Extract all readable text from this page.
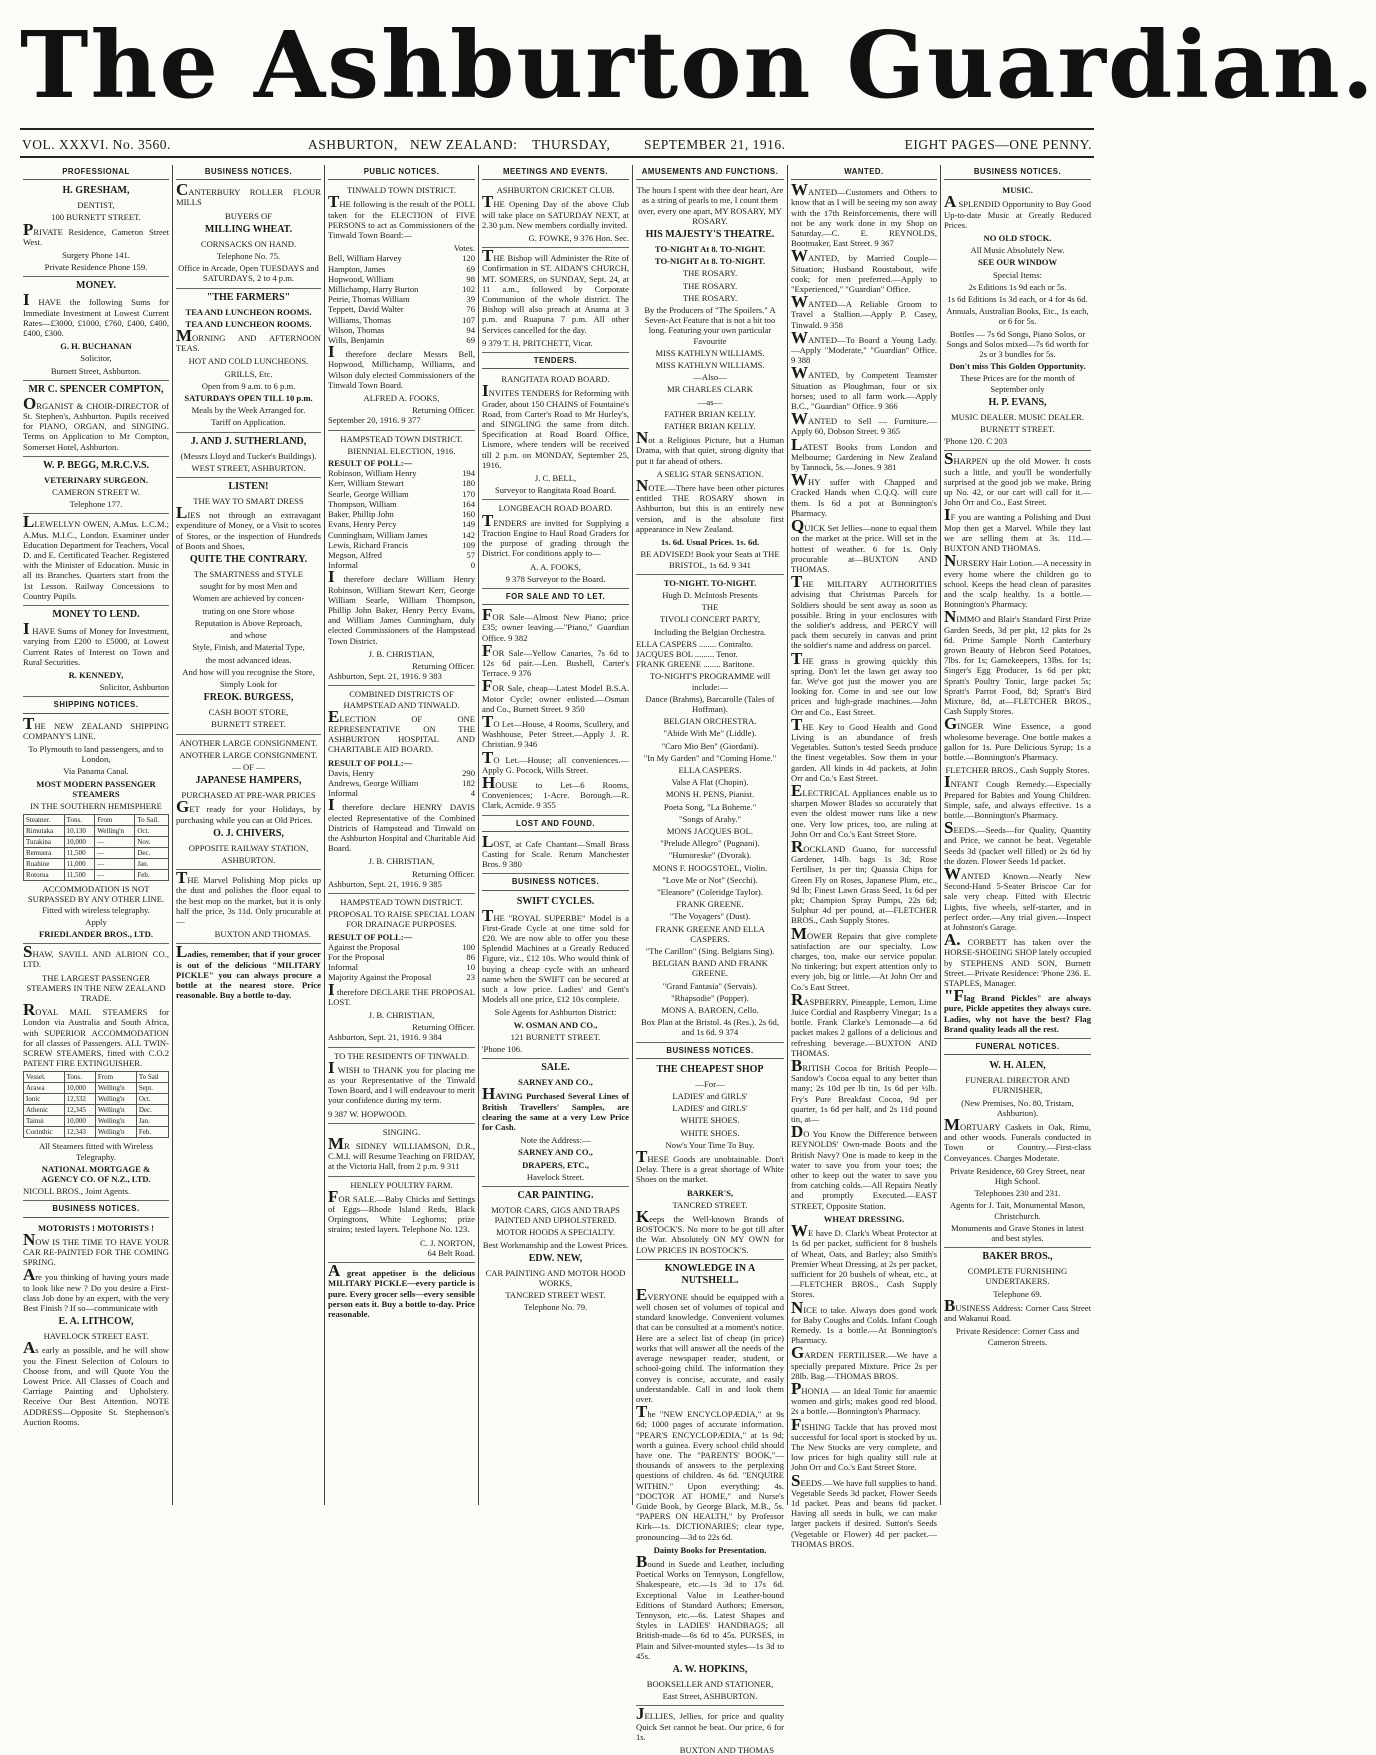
The Ashburton Guardian.
VOL. XXXVI. No. 3560.	ASHBURTON, NEW ZEALAND: THURSDAY, SEPTEMBER 21, 1916.	EIGHT PAGES—ONE PENNY.
PROFESSIONAL
H. GRESHAM,
DENTIST,
100 BURNETT STREET.
PRIVATE Residence, Cameron Street West.
Surgery Phone 141.
Private Residence Phone 159.
MONEY.
I HAVE the following Sums for Immediate Investment at Lowest Current Rates—£3000, £1000, £760, £400, £400, £400, £300.
G. H. BUCHANAN
Solicitor,
Burnett Street, Ashburton.
MR C. SPENCER COMPTON,
ORGANIST & CHOIR-DIRECTOR of St. Stephen's, Ashburton. Pupils received for PIANO, ORGAN, and SINGING. Terms on Application to Mr Compton, Somerset Hotel, Ashburton.
W. P. BEGG, M.R.C.V.S.
VETERINARY SURGEON.
CAMERON STREET W.
Telephone 177.
LLEWELLYN OWEN, A.Mus. L.C.M.; A.Mus. M.I.C., London. Examiner under Education Department for Teachers, Vocal D. and E. Certificated Teacher. Registered with the Minister of Education. Music in all its Branches. Quarters start from the 1st Lesson. Railway Concessions to Country Pupils.
MONEY TO LEND.
I HAVE Sums of Money for Investment, varying from £200 to £5000, at Lowest Current Rates of Interest on Town and Rural Securities.
R. KENNEDY,
Solicitor, Ashburton
SHIPPING NOTICES.
THE NEW ZEALAND SHIPPING COMPANY'S LINE.
To Plymouth to land passengers, and to London,
Via Panama Canal.
MOST MODERN PASSENGER STEAMERS
IN THE SOUTHERN HEMISPHERE
Steamer.	Tons.	From	To Sail.
Rimutaka	10,130	Welling'n	Oct.
Turakina	10,000	—	Nov.
Remuera	11,500	—	Dec.
Ruahine	11,000	—	Jan.
Rotorua	11,500	—	Feb.
ACCOMMODATION IS NOT SURPASSED BY ANY OTHER LINE. Fitted with wireless telegraphy.
Apply
FRIEDLANDER BROS., LTD.
SHAW, SAVILL AND ALBION CO., LTD.
THE LARGEST PASSENGER STEAMERS IN THE NEW ZEALAND TRADE.
ROYAL MAIL STEAMERS for London via Australia and South Africa, with SUPERIOR ACCOMMODATION for all classes of Passengers. ALL TWIN-SCREW STEAMERS, fitted with C.O.2 PATENT FIRE EXTINGUISHER.
Vessel.	Tons.	From	To Sail
Arawa	10,000	Welling'n	Sept.
Ionic	12,332	Welling'n	Oct.
Athenic	12,345	Welling'n	Dec.
Tainui	10,000	Welling'n	Jan.
Corinthic	12,343	Welling'n	Feb.
All Steamers fitted with Wireless Telegraphy.
NATIONAL MORTGAGE & AGENCY CO. OF N.Z., LTD.
NICOLL BROS., Joint Agents.
BUSINESS NOTICES.
MOTORISTS ! MOTORISTS !
NOW IS THE TIME TO HAVE YOUR CAR RE-PAINTED FOR THE COMING SPRING.
Are you thinking of having yours made to look like new ? Do you desire a First-class Job done by an expert, with the very Best Finish ? If so—communicate with
E. A. LITHCOW,
HAVELOCK STREET EAST.
As early as possible, and he will show you the Finest Selection of Colours to Choose from, and will Quote You the Lowest Price. All Classes of Coach and Carriage Painting and Upholstery. Receive Our Best Attention. NOTE ADDRESS—Opposite St. Stephenson's Auction Rooms.
BUSINESS NOTICES.
CANTERBURY ROLLER FLOUR MILLS
BUYERS OF
MILLING WHEAT.
CORNSACKS ON HAND.
Telephone No. 75.
Office in Arcade, Open TUESDAYS and SATURDAYS, 2 to 4 p.m.
"THE FARMERS"
TEA AND LUNCHEON ROOMS.
TEA AND LUNCHEON ROOMS.
MORNING AND AFTERNOON TEAS.
HOT AND COLD LUNCHEONS.
GRILLS, Etc.
Open from 9 a.m. to 6 p.m.
SATURDAYS OPEN TILL 10 p.m.
Meals by the Week Arranged for.
Tariff on Application.
J. AND J. SUTHERLAND,
(Messrs Lloyd and Tucker's Buildings).
WEST STREET, ASHBURTON.
LISTEN!
THE WAY TO SMART DRESS
LIES not through an extravagant expenditure of Money, or a Visit to scores of Stores, or the inspection of Hundreds of Boots and Shoes,
QUITE THE CONTRARY.
The SMARTNESS and STYLE
sought for by most Men and
Women are achieved by concen-
trating on one Store whose
Reputation is Above Reproach,
and whose
Style, Finish, and Material Type,
the most advanced ideas.
And how will you recognise the Store,
Simply Look for
FREOK. BURGESS,
CASH BOOT STORE,
BURNETT STREET.
ANOTHER LARGE CONSIGNMENT.
ANOTHER LARGE CONSIGNMENT.
— OF —
JAPANESE HAMPERS,
PURCHASED AT PRE-WAR PRICES
GET ready for your Holidays, by purchasing while you can at Old Prices.
O. J. CHIVERS,
OPPOSITE RAILWAY STATION,
ASHBURTON.
THE Marvel Polishing Mop picks up the dust and polishes the floor equal to the best mop on the market, but it is only half the price, 3s 11d. Only procurable at—
BUXTON AND THOMAS.
Ladies, remember, that if your grocer is out of the delicious "MILITARY PICKLE" you can always procure a bottle at the nearest store. Price reasonable. Buy a bottle to-day.
PUBLIC NOTICES.
TINWALD TOWN DISTRICT.
THE following is the result of the POLL taken for the ELECTION of FIVE PERSONS to act as Commissioners of the Tinwald Town Board:—
Votes.
Bell, William Harvey	120
Hampton, James	69
Hopwood, William	98
Millichamp, Harry Burton	102
Petrie, Thomas William	39
Teppett, David Walter	76
Williams, Thomas	107
Wilson, Thomas	94
Wills, Benjamin	69
I therefore declare Messrs Bell, Hopwood, Millichamp, Williams, and Wilson duly elected Commissioners of the Tinwald Town Board.
ALFRED A. FOOKS,
Returning Officer.
September 20, 1916. 9 377
HAMPSTEAD TOWN DISTRICT.
BIENNIAL ELECTION, 1916.
RESULT OF POLL:—
Robinson, William Henry	194
Kerr, William Stewart	180
Searle, George William	170
Thompson, William	164
Baker, Phillip John	160
Evans, Henry Percy	149
Cunningham, William James	142
Lewis, Richard Francis	109
Megson, Alfred	57
Informal	0
I therefore declare William Henry Robinson, William Stewart Kerr, George William Searle, William Thompson, Phillip John Baker, Henry Percy Evans, and William James Cunningham, duly elected Commissioners of the Hampstead Town District.
J. B. CHRISTIAN,
Returning Officer.
Ashburton, Sept. 21, 1916. 9 383
COMBINED DISTRICTS OF HAMPSTEAD AND TINWALD.
ELECTION OF ONE REPRESENTATIVE ON THE ASHBURTON HOSPITAL AND CHARITABLE AID BOARD.
RESULT OF POLL:—
Davis, Henry	290
Andrews, George William	182
Informal	4
I therefore declare HENRY DAVIS elected Representative of the Combined Districts of Hampstead and Tinwald on the Ashburton Hospital and Charitable Aid Board.
J. B. CHRISTIAN,
Returning Officer.
Ashburton, Sept. 21, 1916. 9 385
HAMPSTEAD TOWN DISTRICT.
PROPOSAL TO RAISE SPECIAL LOAN FOR DRAINAGE PURPOSES.
RESULT OF POLL:—
Against the Proposal	100
For the Proposal	86
Informal	10
Majority Against the Proposal	23
I therefore DECLARE THE PROPOSAL LOST.
J. B. CHRISTIAN,
Returning Officer.
Ashburton, Sept. 21, 1916. 9 384
TO THE RESIDENTS OF TINWALD.
I WISH to THANK you for placing me as your Representative of the Tinwald Town Board, and I will endeavour to merit your confidence during my term.
9 387 W. HOPWOOD.
SINGING.
MR SIDNEY WILLIAMSON, D.R., C.M.I. will Resume Teaching on FRIDAY, at the Victoria Hall, from 2 p.m. 9 311
HENLEY POULTRY FARM.
FOR SALE.—Baby Chicks and Settings of Eggs—Rhode Island Reds, Black Orpingtons, White Leghorns; prize strains; tested layers. Telephone No. 123.
C. J. NORTON,
64 Belt Road.
A great appetiser is the delicious MILITARY PICKLE—every particle is pure. Every grocer sells—every sensible person eats it. Buy a bottle to-day. Price reasonable.
MEETINGS AND EVENTS.
ASHBURTON CRICKET CLUB.
THE Opening Day of the above Club will take place on SATURDAY NEXT, at 2.30 p.m. New members cordially invited.
G. FOWKE, 9 376 Hon. Sec.
THE Bishop will Administer the Rite of Confirmation in ST. AIDAN'S CHURCH, MT. SOMERS, on SUNDAY, Sept. 24, at 11 a.m., followed by Corporate Communion of the whole district. The Bishop will also preach at Anama at 3 p.m. and Ruapuna 7 p.m. All other Services cancelled for the day.
9 379 T. H. PRITCHETT, Vicar.
TENDERS.
RANGITATA ROAD BOARD.
INVITES TENDERS for Reforming with Grader, about 150 CHAINS of Fountaine's Road, from Carter's Road to Mr Hurley's, and SINGLING the same from ditch. Specification at Road Board Office, Lismore, where tenders will be received till 2 p.m. on MONDAY, September 25, 1916.
J. C. BELL,
Surveyor to Rangitata Road Board.
LONGBEACH ROAD BOARD.
TENDERS are invited for Supplying a Traction Engine to Haul Road Graders for the purpose of grading through the District. For conditions apply to—
A. A. FOOKS,
9 378 Surveyor to the Board.
FOR SALE AND TO LET.
FOR Sale—Almost New Piano; price £35; owner leaving.—"Piano," Guardian Office. 9 382
FOR Sale—Yellow Canaries, 7s 6d to 12s 6d pair.—Len. Bushell, Carter's Terrace. 9 376
FOR Sale, cheap—Latest Model B.S.A. Motor Cycle; owner enlisted.—Osman and Co., Burnett Street. 9 350
TO Let—House, 4 Rooms, Scullery, and Washhouse, Peter Street.—Apply J. R. Christian. 9 346
TO Let.—House; all conveniences.—Apply G. Pocock, Wills Street.
HOUSE to Let—6 Rooms, Conveniences; 1-Acre. Borough.—R. Clark, Acmide. 9 355
LOST AND FOUND.
LOST, at Cafe Chantant—Small Brass Casting for Scale. Return Manchester Bros. 9 380
BUSINESS NOTICES.
SWIFT CYCLES.
THE "ROYAL SUPERBE" Model is a First-Grade Cycle at one time sold for £20. We are now able to offer you these Splendid Machines at a Greatly Reduced Figure, viz., £12 10s. Who would think of buying a cheap cycle with an unheard name when the SWIFT can be secured at such a low price. Ladies' and Gent's Models all one price, £12 10s complete.
Sole Agents for Ashburton District:
W. OSMAN AND CO.,
121 BURNETT STREET.
'Phone 106.
SALE.
SARNEY AND CO.,
HAVING Purchased Several Lines of British Travellers' Samples, are clearing the same at a very Low Price for Cash.
Note the Address:—
SARNEY AND CO.,
DRAPERS, ETC.,
Havelock Street.
CAR PAINTING.
MOTOR CARS, GIGS AND TRAPS PAINTED AND UPHOLSTERED.
MOTOR HOODS A SPECIALTY.
Best Workmanship and the Lowest Prices.
EDW. NEW,
CAR PAINTING AND MOTOR HOOD WORKS,
TANCRED STREET WEST.
Telephone No. 79.
AMUSEMENTS AND FUNCTIONS.
The hours I spent with thee dear heart, Are as a string of pearls to me, I count them over, every one apart, MY ROSARY, MY ROSARY.
HIS MAJESTY'S THEATRE.
TO-NIGHT At 8. TO-NIGHT.
TO-NIGHT At 8. TO-NIGHT.
THE ROSARY.
THE ROSARY.
THE ROSARY.
By the Producers of "The Spoilers." A Seven-Act Feature that is not a bit too long. Featuring your own particular Favourite
MISS KATHLYN WILLIAMS.
MISS KATHLYN WILLIAMS.
—Also—
MR CHARLES CLARK
—as—
FATHER BRIAN KELLY.
FATHER BRIAN KELLY.
Not a Religious Picture, but a Human Drama, with that quiet, strong dignity that put it far ahead of others.
A SELIG STAR SENSATION.
NOTE.—There have been other pictures entitled THE ROSARY shown in Ashburton, but this is an entirely new version, and is the absolute first appearance in New Zealand.
1s. 6d. Usual Prices. 1s. 6d.
BE ADVISED! Book your Seats at THE BRISTOL, 1s 6d. 9 341
TO-NIGHT. TO-NIGHT.
Hugh D. McIntosh Presents
THE
TIVOLI CONCERT PARTY,
Including the Belgian Orchestra.
ELLA CASPERS ........ Contralto.
JACQUES BOL ......... Tenor.
FRANK GREENE ........ Baritone.
TO-NIGHT'S PROGRAMME will include:—
Dance (Brahms), Barcarolle (Tales of Hoffman).
BELGIAN ORCHESTRA.
"Abide With Me" (Liddle).
"Caro Mio Ben" (Giordani).
"In My Garden" and "Coming Home."
ELLA CASPERS.
Valse A Flat (Chopin).
MONS H. PENS, Pianist.
Poeta Song, "La Boheme."
"Songs of Araby."
MONS JACQUES BOL.
"Prelude Allegro" (Pugnani).
"Humoreske" (Dvorak).
MONS F. HOOGSTOEL, Violin.
"Love Me or Not" (Secchi).
"Eleanore" (Coleridge Taylor).
FRANK GREENE.
"The Voyagers" (Dust).
FRANK GREENE AND ELLA CASPERS.
"The Carillon" (Sing. Belgians Sing).
BELGIAN BAND AND FRANK GREENE.
"Grand Fantasia" (Servais).
"Rhapsodie" (Popper).
MONS A. BAROEN, Cello.
Box Plan at the Bristol. 4s (Res.), 2s 6d, and 1s 6d. 9 374
BUSINESS NOTICES.
THE CHEAPEST SHOP
—For—
LADIES' and GIRLS'
LADIES' and GIRLS'
WHITE SHOES.
WHITE SHOES.
Now's Your Time To Buy.
THESE Goods are unobtainable. Don't Delay. There is a great shortage of White Shoes on the market.
BARKER'S,
TANCRED STREET.
Keeps the Well-known Brands of BOSTOCK'S. No more to be got till after the War. Absolutely ON MY OWN for LOW PRICES IN BOSTOCK'S.
KNOWLEDGE IN A NUTSHELL.
EVERYONE should be equipped with a well chosen set of volumes of topical and standard knowledge. Convenient volumes that can be consulted at a moment's notice. Here are a select list of cheap (in price) works that will answer all the needs of the average newspaper reader, student, or school-going child. The information they convey is concise, accurate, and easily understandable. Call in and look them over.
The "NEW ENCYCLOPÆDIA," at 9s 6d; 1000 pages of accurate information. "PEAR'S ENCYCLOPÆDIA," at 1s 9d; worth a guinea. Every school child should have one. The "PARENTS' BOOK,"—thousands of answers to the perplexing questions of children. 4s 6d. "ENQUIRE WITHIN." Upon everything; 4s. "DOCTOR AT HOME," and Nurse's Guide Book, by George Black, M.B., 5s. "PAPERS ON HEALTH," by Professor Kirk—1s. DICTIONARIES; clear type, pronouncing—3d to 22s 6d.
Dainty Books for Presentation.
Bound in Suede and Leather, including Poetical Works on Tennyson, Longfellow, Shakespeare, etc.—1s 3d to 17s 6d. Exceptional Value in Leather-bound Editions of Standard Authors; Emerson, Tennyson, etc.—6s. Latest Shapes and Styles in LADIES' HANDBAGS; all British-made—6s 6d to 45s. PURSES, in Plain and Silver-mounted styles—1s 3d to 45s.
A. W. HOPKINS,
BOOKSELLER AND STATIONER,
East Street, ASHBURTON.
JELLIES, Jellies, for price and quality Quick Set cannot be beat. Our price, 6 for 1s.
BUXTON AND THOMAS
WANTED.
WANTED—Customers and Others to know that as I will be seeing my son away with the 17th Reinforcements, there will not be any work done in my Shop on Saturday.—C. E. REYNOLDS, Bootmaker, East Street. 9 367
WANTED, by Married Couple—Situation; Husband Roustabout, wife cook; for men preferred.—Apply to "Experienced," "Guardian" Office.
WANTED—A Reliable Groom to Travel a Stallion.—Apply P. Casey, Tinwald. 9 358
WANTED—To Board a Young Lady.—Apply "Moderate," "Guardian" Office. 9 388
WANTED, by Competent Teamster Situation as Ploughman, four or six horses; used to all farm work.—Apply B.C., "Guardian" Office. 9 366
WANTED to Sell — Furniture.—Apply 60, Dobson Street. 9 365
LATEST Books from London and Melbourne; Gardening in New Zealand by Tannock, 5s.—Jones. 9 381
WHY suffer with Chapped and Cracked Hands when C.Q.Q. will cure them. Is 6d a pot at Bonnington's Pharmacy.
QUICK Set Jellies—none to equal them on the market at the price. Will set in the hottest of weather. 6 for 1s. Only procurable at—BUXTON AND THOMAS.
THE MILITARY AUTHORITIES advising that Christmas Parcels for Soldiers should be sent away as soon as possible. Bring in your enclosures with the soldier's address, and PERCY will pack them securely in canvas and print the soldier's name and address on parcel.
THE grass is growing quickly this spring. Don't let the lawn get away too far. We've got just the mower you are looking for. Come in and see our low prices and high-grade machines.—John Orr and Co., East Street.
THE Key to Good Health and Good Living is an abundance of fresh Vegetables. Sutton's tested Seeds produce the finest vegetables. Sow them in your garden. All kinds in 4d packets, at John Orr and Co.'s East Street.
ELECTRICAL Appliances enable us to sharpen Mower Blades so accurately that even the oldest mower runs like a new one. Very low prices, too, are ruling at John Orr and Co.'s East Street Store.
ROCKLAND Guano, for successful Gardener, 14lb. bags 1s 3d; Rose Fertiliser, 1s per tin; Quassia Chips for Green Fly on Roses, Japanese Plum, etc., 9d lb; Finest Lawn Grass Seed, 1s 6d per pkt; Champion Spray Pumps, 22s 6d; Sulphur 4d per pound, at—FLETCHER BROS., Cash Supply Stores.
MOWER Repairs that give complete satisfaction are our specialty. Low charges, too, make our service popular. No tinkering; but expert attention only to every job, big or little.—At John Orr and Co.'s East Street.
RASPBERRY, Pineapple, Lemon, Lime Juice Cordial and Raspberry Vinegar; 1s a bottle. Frank Clarke's Lemonade—a 6d packet makes 2 gallons of a delicious and refreshing beverage.—BUXTON AND THOMAS.
BRITISH Cocoa for British People—Sandow's Cocoa equal to any better than many; 2s 10d per lb tin, 1s 6d per ½lb. Fry's Pure Breakfast Cocoa, 9d per quarter, 1s 6d per half, and 2s 11d pound tin, at—
DO You Know the Difference between REYNOLDS' Own-made Boots and the British Navy? One is made to keep in the water to save you from your toes; the other to keep out the water to save you from catching colds.—All Repairs Neatly and promptly Executed.—EAST STREET, Opposite Station.
WHEAT DRESSING.
WE have D. Clark's Wheat Protector at 1s 6d per packet, sufficient for 8 bushels of Wheat, Oats, and Barley; also Smith's Premier Wheat Dressing, at 2s per packet, sufficient for 20 bushels of wheat, etc., at—FLETCHER BROS., Cash Supply Stores.
NICE to take. Always does good work for Baby Coughs and Colds. Infant Cough Remedy. 1s a bottle.—At Bonnington's Pharmacy.
GARDEN FERTILISER.—We have a specially prepared Mixture. Price 2s per 28lb. Bag.—THOMAS BROS.
PHONIA — an Ideal Tonic for anaemic women and girls; makes good red blood. 2s a bottle.—Bonnington's Pharmacy.
FISHING Tackle that has proved most successful for local sport is stocked by us. The New Stocks are very complete, and low prices for high quality still rule at John Orr and Co.'s East Street Store.
SEEDS.—We have full supplies to hand. Vegetable Seeds 3d packet, Flower Seeds 1d packet. Peas and beans 6d packet. Having all seeds in bulk, we can make larger packets if desired. Sutton's Seeds (Vegetable or Flower) 4d per packet.—THOMAS BROS.
BUSINESS NOTICES.
MUSIC.
A SPLENDID Opportunity to Buy Good Up-to-date Music at Greatly Reduced Prices.
NO OLD STOCK.
All Music Absolutely New.
SEE OUR WINDOW
Special Items:
2s Editions 1s 9d each or 5s.
1s 6d Editions 1s 3d each, or 4 for 4s 6d.
Annuals, Australian Books, Etc., 1s each, or 6 for 5s.
Bottles — 7s 6d Songs, Piano Solos, or Songs and Solos mixed—7s 6d worth for 2s or 3 bundles for 5s.
Don't miss This Golden Opportunity.
These Prices are for the month of September only
H. P. EVANS,
MUSIC DEALER. MUSIC DEALER.
BURNETT STREET.
'Phone 120. C 203
SHARPEN up the old Mower. It costs such a little, and you'll be wonderfully surprised at the good job we make. Bring up No. 42, or our cart will call for it.—John Orr and Co., East Street.
IF you are wanting a Polishing and Dust Mop then get a Marvel. While they last we are selling them at 3s. 11d.—BUXTON AND THOMAS.
NURSERY Hair Lotion.—A necessity in every home where the children go to school. Keeps the head clean of parasites and the scalp healthy. 1s a bottle.—Bonnington's Pharmacy.
NIMMO and Blair's Standard First Prize Garden Seeds, 3d per pkt, 12 pkts for 2s 6d. Prime Sample North Canterbury grown Beauty of Hebron Seed Potatoes, 7lbs. for 1s; Gamekeepers, 13lbs. for 1s; Singer's Egg Producer, 1s 6d per pkt; Spratt's Poultry Tonic, large packet 5s; Spratt's Parrot Food, 8d; Spratt's Bird Mixture, 8d, at—FLETCHER BROS., Cash Supply Stores.
GINGER Wine Essence, a good wholesome beverage. One bottle makes a gallon for 1s. Pure Delicious Syrup; 1s a bottle.—Bonnington's Pharmacy.
FLETCHER BROS., Cash Supply Stores.
INFANT Cough Remedy.—Especially Prepared for Babies and Young Children. Simple, safe, and always effective. 1s a bottle.—Bonnington's Pharmacy.
SEEDS.—Seeds—for Quality, Quantity and Price, we cannot be beat. Vegetable Seeds 3d (packet well filled) or 2s 6d by the dozen. Flower Seeds 1d packet.
WANTED Known.—Nearly New Second-Hand 5-Seater Briscoe Car for sale very cheap. Fitted with Electric Lights, five wheels, self-starter, and in perfect order.—Any trial given.—Inspect at Johnston's Garage.
A. CORBETT has taken over the HORSE-SHOEING SHOP lately occupied by STEPHENS AND SON, Burnett Street.—Private Residence: 'Phone 236. E. STAPLES, Manager.
"Flag Brand Pickles" are always pure, Pickle appetites they always cure. Ladies, why not have the best? Flag Brand quality leads all the rest.
FUNERAL NOTICES.
W. H. ALEN,
FUNERAL DIRECTOR AND FURNISHER,
(New Premises, No. 80, Tristam, Ashburton).
MORTUARY Caskets in Oak, Rimu, and other woods. Funerals conducted in Town or Country.—First-class Conveyances. Charges Moderate.
Private Residence, 60 Grey Street, near High School.
Telephones 230 and 231.
Agents for J. Tait, Monumental Mason, Christchurch.
Monuments and Grave Stones in latest and best styles.
BAKER BROS.,
COMPLETE FURNISHING UNDERTAKERS.
Telephone 69.
BUSINESS Address: Corner Cass Street and Wakanui Road.
Private Residence: Corner Cass and Cameron Streets.
